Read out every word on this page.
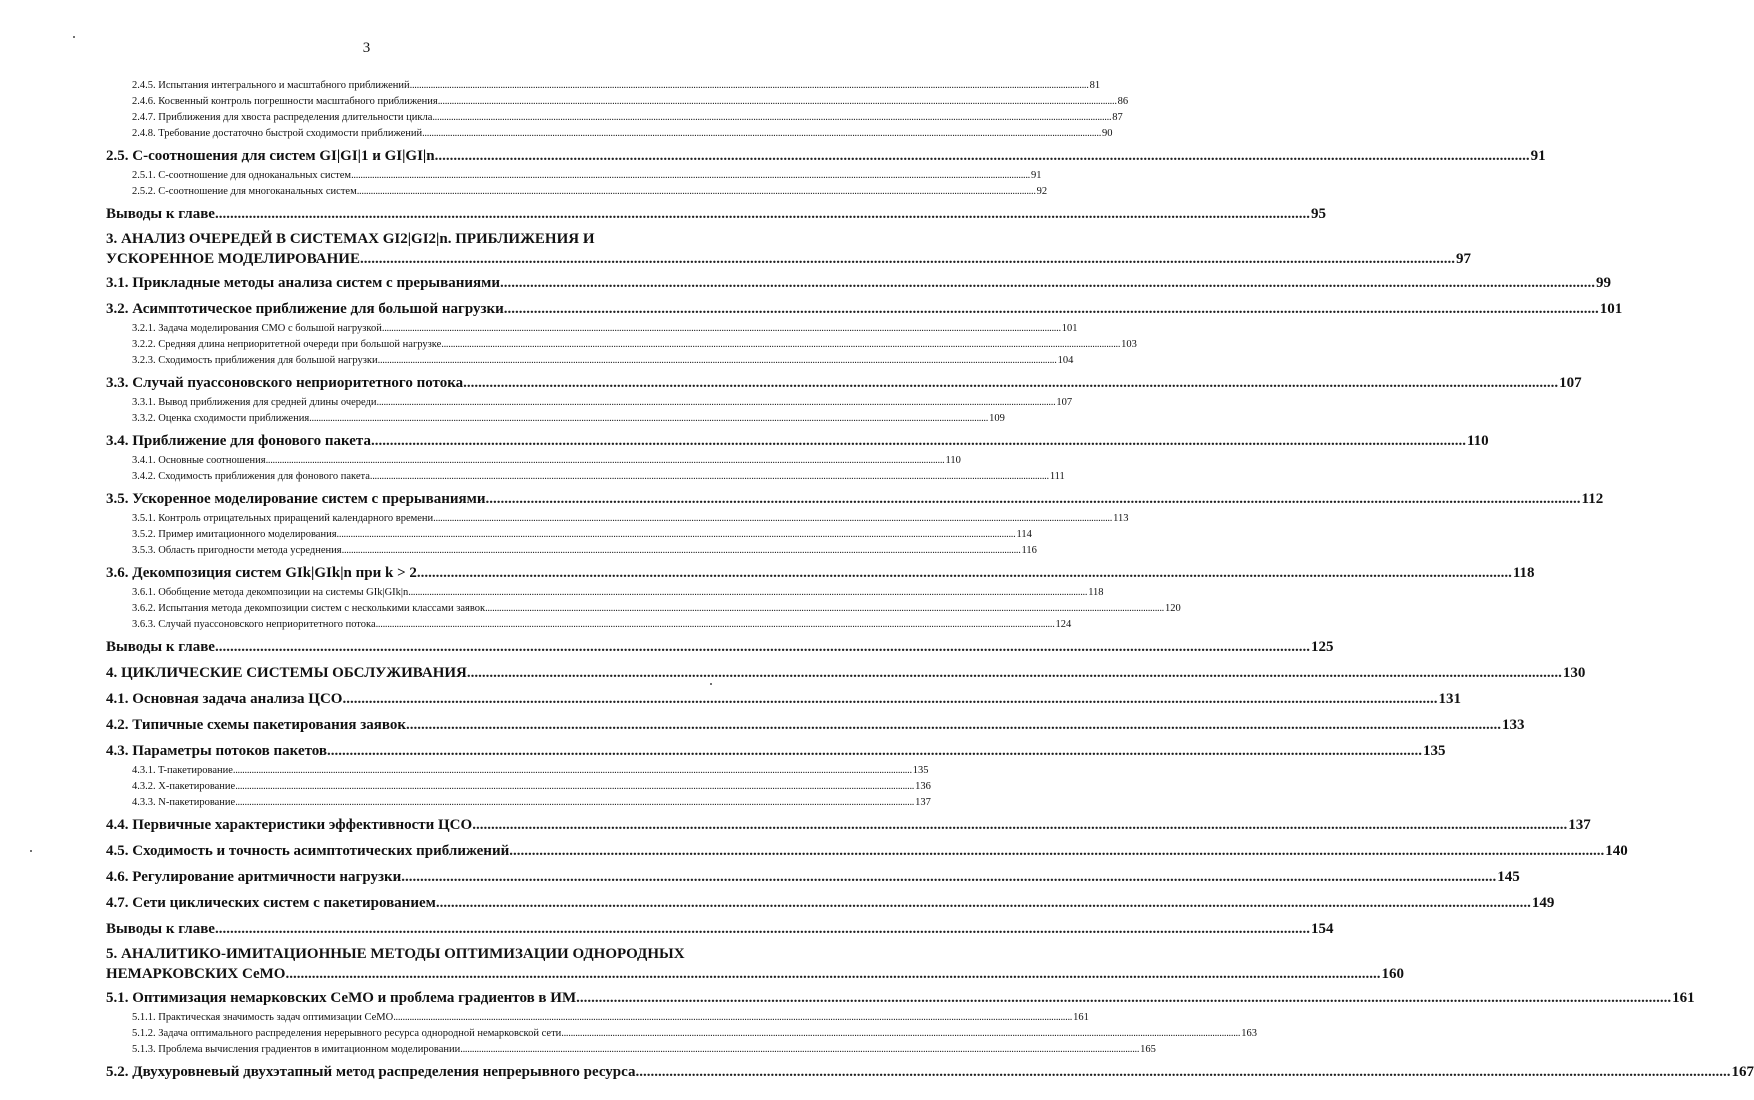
3
2.4.5. Испытания интегрального и масштабного приближений .....	81
2.4.6. Косвенный контроль погрешности масштабного приближения .....	86
2.4.7. Приближения для хвоста распределения длительности цикла .....	87
2.4.8. Требование достаточно быстрой сходимости приближений .....	90
2.5. C-соотношения для систем GI|GI|1 и GI|GI|n .....	91
2.5.1. C-соотношение для одноканальных систем .....	91
2.5.2. C-соотношение для многоканальных систем .....	92
Выводы к главе .....	95
3. АНАЛИЗ ОЧЕРЕДЕЙ В СИСТЕМАХ GI2|GI2|n. ПРИБЛИЖЕНИЯ И
УСКОРЕННОЕ МОДЕЛИРОВАНИЕ .....	97
3.1. Прикладные методы анализа систем с прерываниями .....	99
3.2. Асимптотическое приближение для большой нагрузки .....	101
3.2.1. Задача моделирования СМО с большой нагрузкой .....	101
3.2.2. Средняя длина неприоритетной очереди при большой нагрузке .....	103
3.2.3. Сходимость приближения для большой нагрузки .....	104
3.3. Случай пуассоновского неприоритетного потока .....	107
3.3.1. Вывод приближения для средней длины очереди .....	107
3.3.2. Оценка сходимости приближения .....	109
3.4. Приближение для фонового пакета .....	110
3.4.1. Основные соотношения .....	110
3.4.2. Сходимость приближения для фонового пакета .....	111
3.5. Ускоренное моделирование систем с прерываниями .....	112
3.5.1. Контроль отрицательных приращений календарного времени .....	113
3.5.2. Пример имитационного моделирования .....	114
3.5.3. Область пригодности метода усреднения .....	116
3.6. Декомпозиция систем GIk|GIk|n при k > 2 .....	118
3.6.1. Обобщение метода декомпозиции на системы GIk|GIk|n .....	118
3.6.2. Испытания метода декомпозиции систем с несколькими классами заявок .....	120
3.6.3. Случай пуассоновского неприоритетного потока .....	124
Выводы к главе .....	125
4. ЦИКЛИЧЕСКИЕ СИСТЕМЫ ОБСЛУЖИВАНИЯ .....	130
4.1. Основная задача анализа ЦСО .....	131
4.2. Типичные схемы пакетирования заявок .....	133
4.3. Параметры потоков пакетов .....	135
4.3.1. T-пакетирование .....	135
4.3.2. X-пакетирование .....	136
4.3.3. N-пакетирование .....	137
4.4. Первичные характеристики эффективности ЦСО .....	137
4.5. Сходимость и точность асимптотических приближений .....	140
4.6. Регулирование аритмичности нагрузки .....	145
4.7. Сети циклических систем с пакетированием .....	149
Выводы к главе .....	154
5. АНАЛИТИКО-ИМИТАЦИОННЫЕ МЕТОДЫ ОПТИМИЗАЦИИ ОДНОРОДНЫХ
НЕМАРКОВСКИХ СеМО .....	160
5.1. Оптимизация немарковских СеМО и проблема градиентов в ИМ .....	161
5.1.1. Практическая значимость задач оптимизации СеМО .....	161
5.1.2. Задача оптимального распределения нерерывного ресурса однородной немарковской сети .....	163
5.1.3. Проблема вычисления градиентов в имитационном моделировании .....	165
5.2. Двухуровневый двухэтапный метод распределения непрерывного ресурса .....	167
